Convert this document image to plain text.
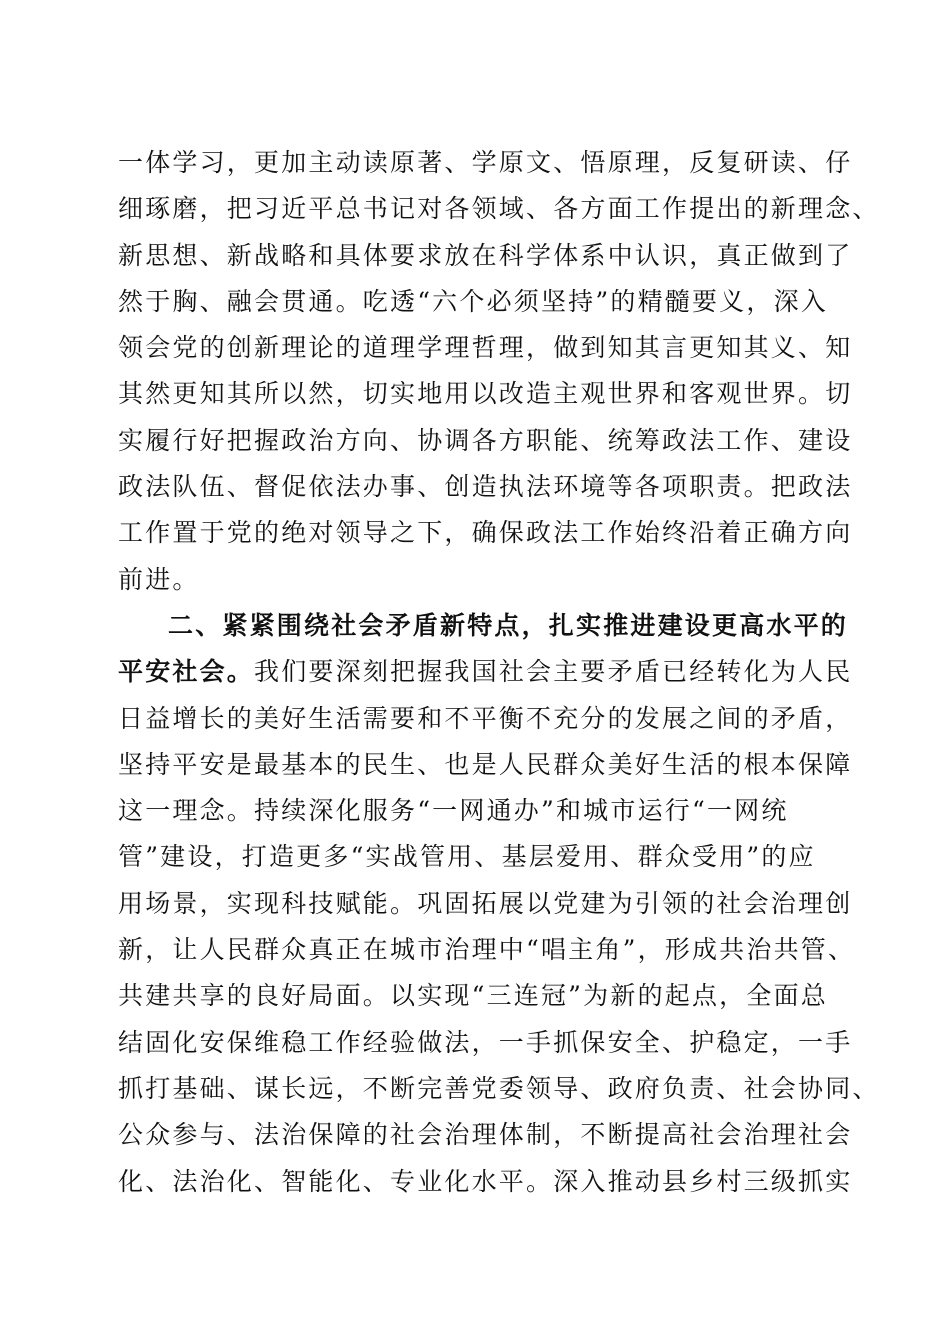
一体学习，更加主动读原著、学原文、悟原理，反复研读、仔
细琢磨，把习近平总书记对各领域、各方面工作提出的新理念、
新思想、新战略和具体要求放在科学体系中认识，真正做到了
然于胸、融会贯通。吃透“六个必须坚持”的精髓要义，深入
领会党的创新理论的道理学理哲理，做到知其言更知其义、知
其然更知其所以然，切实地用以改造主观世界和客观世界。切
实履行好把握政治方向、协调各方职能、统筹政法工作、建设
政法队伍、督促依法办事、创造执法环境等各项职责。把政法
工作置于党的绝对领导之下，确保政法工作始终沿着正确方向
前进。
二、紧紧围绕社会矛盾新特点，扎实推进建设更高水平的
平安社会。我们要深刻把握我国社会主要矛盾已经转化为人民
日益增长的美好生活需要和不平衡不充分的发展之间的矛盾，
坚持平安是最基本的民生、也是人民群众美好生活的根本保障
这一理念。持续深化服务“一网通办”和城市运行“一网统
管”建设，打造更多“实战管用、基层爱用、群众受用”的应
用场景，实现科技赋能。巩固拓展以党建为引领的社会治理创
新，让人民群众真正在城市治理中“唱主角”，形成共治共管、
共建共享的良好局面。以实现“三连冠”为新的起点，全面总
结固化安保维稳工作经验做法，一手抓保安全、护稳定，一手
抓打基础、谋长远，不断完善党委领导、政府负责、社会协同、
公众参与、法治保障的社会治理体制，不断提高社会治理社会
化、法治化、智能化、专业化水平。深入推动县乡村三级抓实
